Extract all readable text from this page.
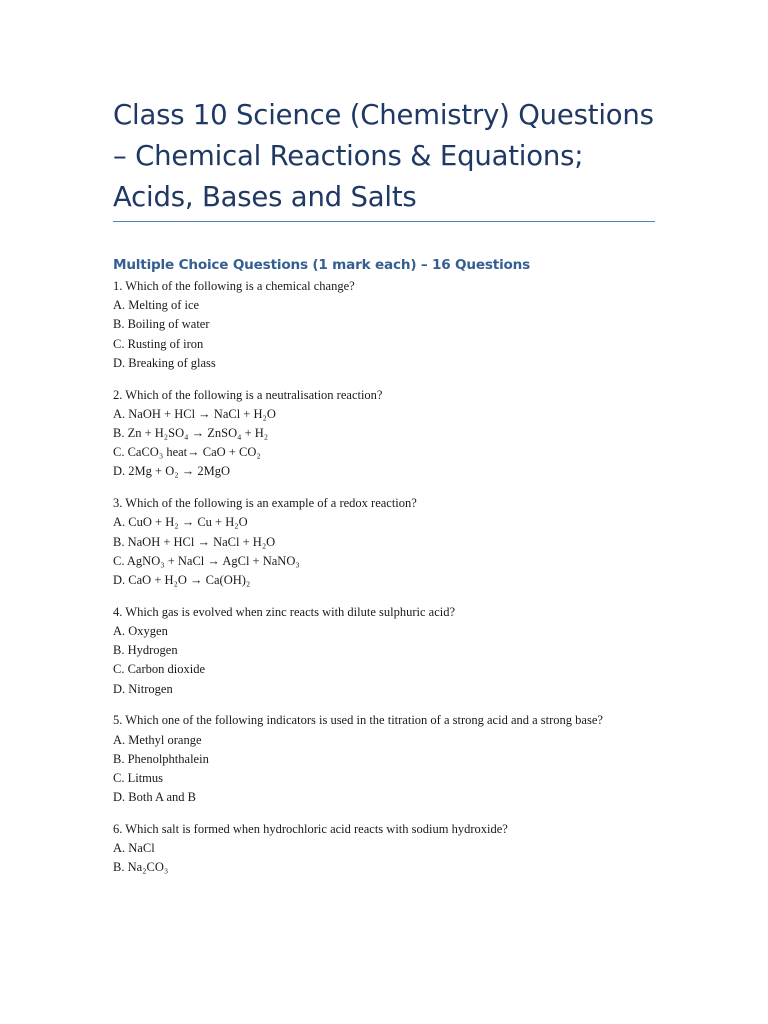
Class 10 Science (Chemistry) Questions
– Chemical Reactions & Equations;
Acids, Bases and Salts
Multiple Choice Questions (1 mark each) – 16 Questions
1. Which of the following is a chemical change?
A. Melting of ice
B. Boiling of water
C. Rusting of iron
D. Breaking of glass
2. Which of the following is a neutralisation reaction?
A. NaOH + HCl → NaCl + H₂O
B. Zn + H₂SO₄ → ZnSO₄ + H₂
C. CaCO₃ heat→ CaO + CO₂
D. 2Mg + O₂ → 2MgO
3. Which of the following is an example of a redox reaction?
A. CuO + H₂ → Cu + H₂O
B. NaOH + HCl → NaCl + H₂O
C. AgNO₃ + NaCl → AgCl + NaNO₃
D. CaO + H₂O → Ca(OH)₂
4. Which gas is evolved when zinc reacts with dilute sulphuric acid?
A. Oxygen
B. Hydrogen
C. Carbon dioxide
D. Nitrogen
5. Which one of the following indicators is used in the titration of a strong acid and a strong base?
A. Methyl orange
B. Phenolphthalein
C. Litmus
D. Both A and B
6. Which salt is formed when hydrochloric acid reacts with sodium hydroxide?
A. NaCl
B. Na₂CO₃
